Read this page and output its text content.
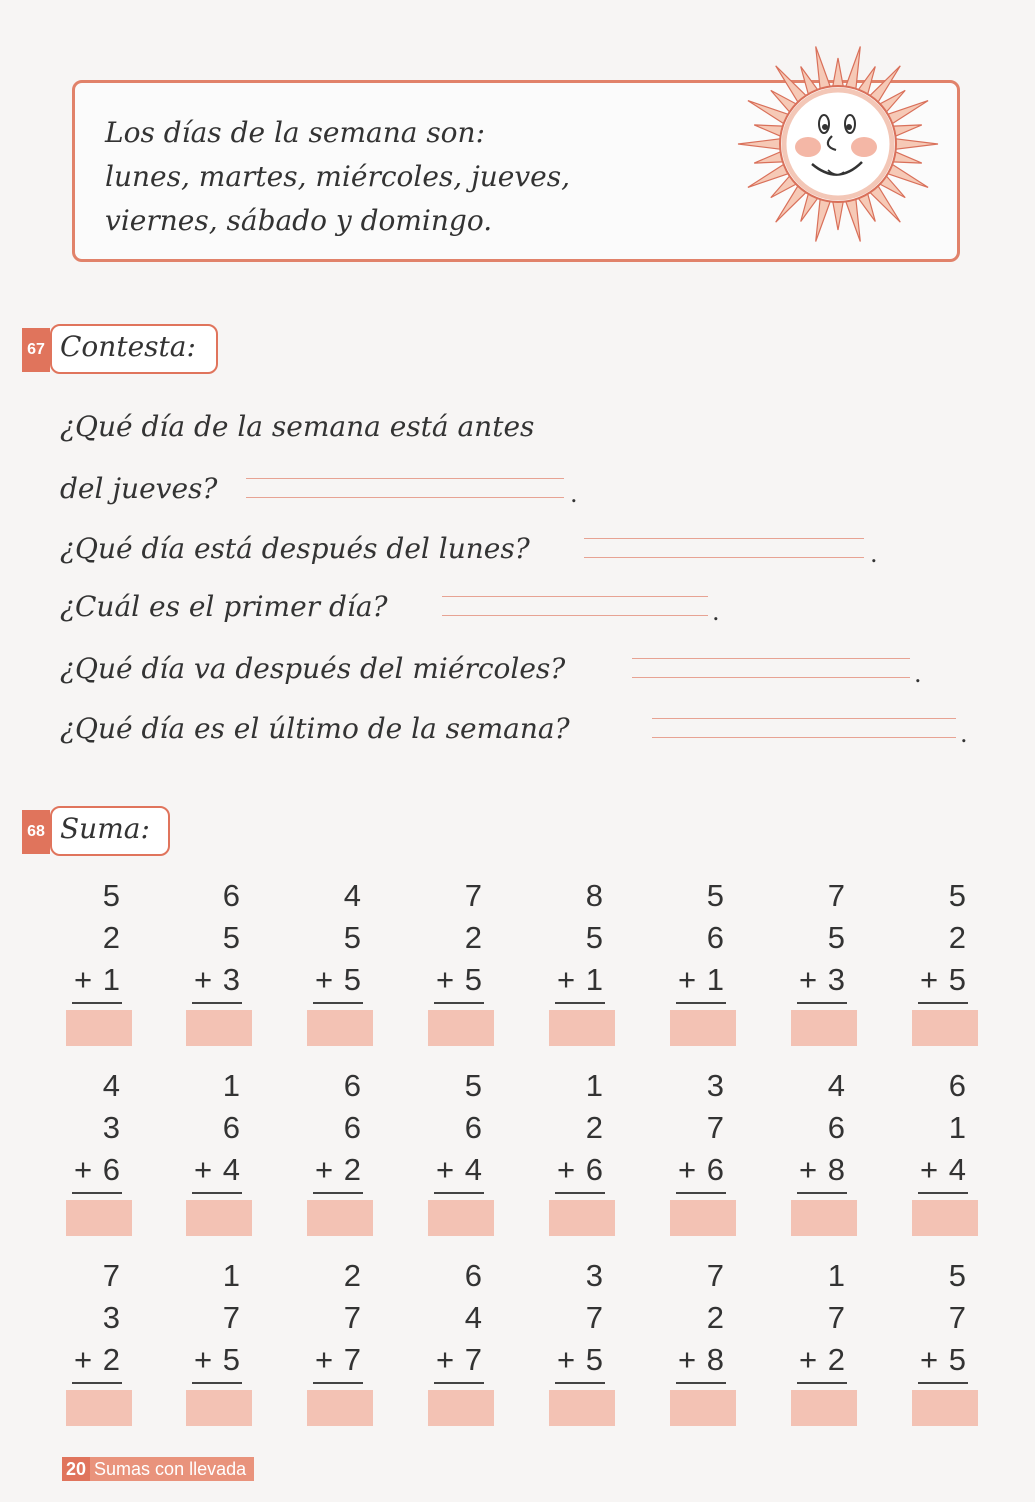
Los días de la semana son:
lunes, martes, miércoles, jueves,
viernes, sábado y domingo.
67 Contesta:
¿Qué día de la semana está antes
del jueves?	.
¿Qué día está después del lunes?	.
¿Cuál es el primer día?	.
¿Qué día va después del miércoles?	.
¿Qué día es el último de la semana?	.
68 Suma:
5
2
+ 1
6
5
+ 3
4
5
+ 5
7
2
+ 5
8
5
+ 1
5
6
+ 1
7
5
+ 3
5
2
+ 5
4
3
+ 6
1
6
+ 4
6
6
+ 2
5
6
+ 4
1
2
+ 6
3
7
+ 6
4
6
+ 8
6
1
+ 4
7
3
+ 2
1
7
+ 5
2
7
+ 7
6
4
+ 7
3
7
+ 5
7
2
+ 8
1
7
+ 2
5
7
+ 5
20 Sumas con llevada
